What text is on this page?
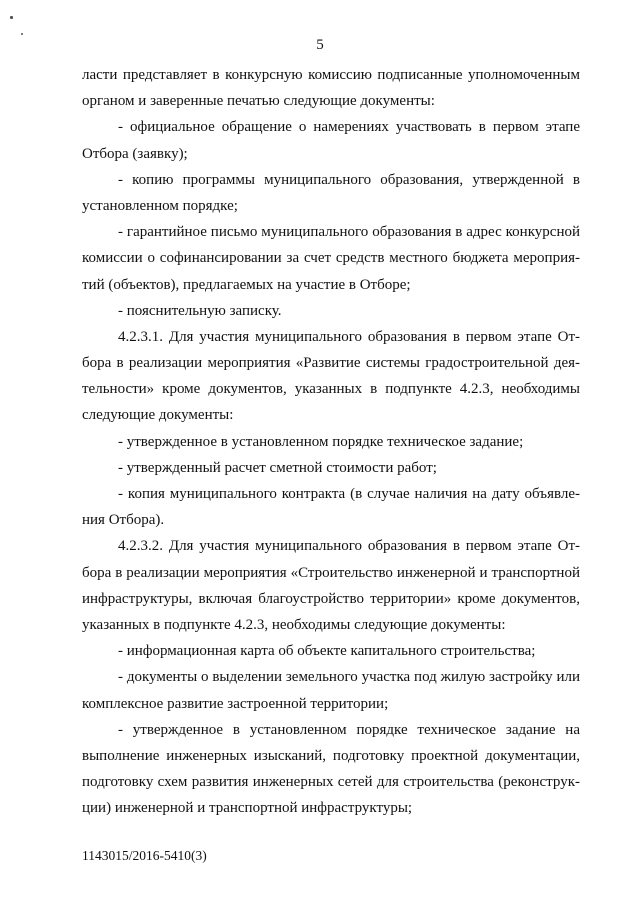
5
ласти представляет в конкурсную комиссию подписанные уполномоченным
органом и заверенные печатью следующие документы:
- официальное обращение о намерениях участвовать в первом этапе
Отбора (заявку);
- копию программы муниципального образования, утвержденной в
установленном порядке;
- гарантийное письмо муниципального образования в адрес конкурсной
комиссии о софинансировании за счет средств местного бюджета мероприя-
тий (объектов), предлагаемых на участие в Отборе;
- пояснительную записку.
4.2.3.1. Для участия муниципального образования в первом этапе От-
бора в реализации мероприятия «Развитие системы градостроительной дея-
тельности» кроме документов, указанных в подпункте 4.2.3, необходимы
следующие документы:
- утвержденное в установленном порядке техническое задание;
- утвержденный расчет сметной стоимости работ;
- копия муниципального контракта (в случае наличия на дату объявле-
ния Отбора).
4.2.3.2. Для участия муниципального образования в первом этапе От-
бора в реализации мероприятия «Строительство инженерной и транспортной
инфраструктуры, включая благоустройство территории» кроме документов,
указанных в подпункте 4.2.3, необходимы следующие документы:
- информационная карта об объекте капитального строительства;
- документы о выделении земельного участка под жилую застройку или
комплексное развитие застроенной территории;
- утвержденное в установленном порядке техническое задание на
выполнение инженерных изысканий, подготовку проектной документации,
подготовку схем развития инженерных сетей для строительства (реконструк-
ции) инженерной и транспортной инфраструктуры;
1143015/2016-5410(3)
